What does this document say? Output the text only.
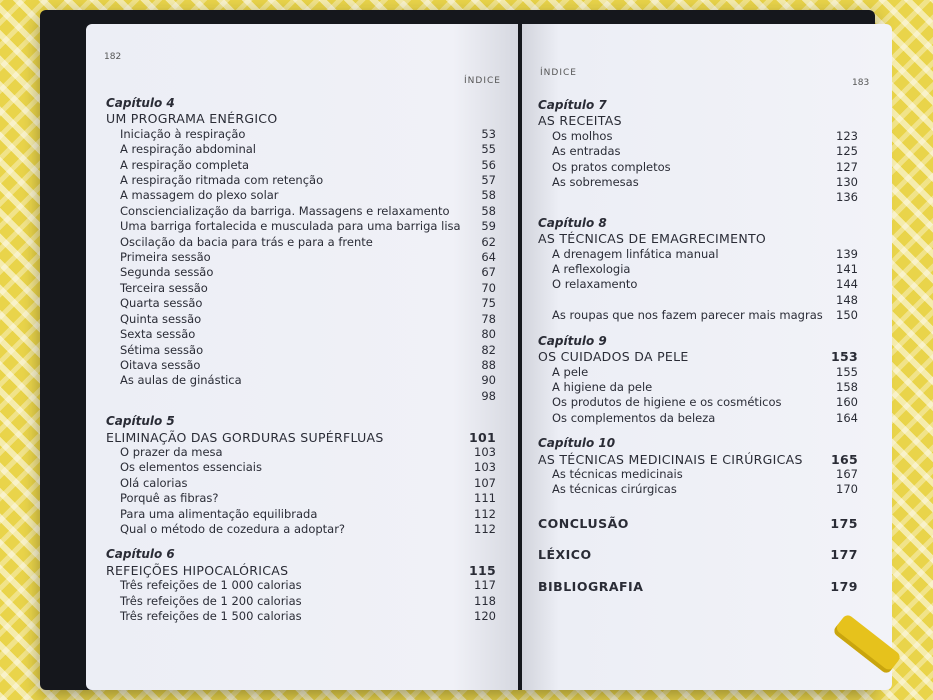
182
ÍNDICE
Capítulo 4
UM PROGRAMA ENÉRGICO
Iniciação à respiração	53
A respiração abdominal	55
A respiração completa	56
A respiração ritmada com retenção	57
A massagem do plexo solar	58
Consciencialização da barriga. Massagens e relaxamento	58
Uma barriga fortalecida e musculada para uma barriga lisa	59
Oscilação da bacia para trás e para a frente	62
Primeira sessão	64
Segunda sessão	67
Terceira sessão	70
Quarta sessão	75
Quinta sessão	78
Sexta sessão	80
Sétima sessão	82
Oitava sessão	88
As aulas de ginástica	90
98
Capítulo 5
ELIMINAÇÃO DAS GORDURAS SUPÉRFLUAS	101
O prazer da mesa	103
Os elementos essenciais	103
Olá calorias	107
Porquê as fibras?	111
Para uma alimentação equilibrada	112
Qual o método de cozedura a adoptar?	112
Capítulo 6
REFEIÇÕES HIPOCALÓRICAS	115
Três refeições de 1 000 calorias	117
Três refeições de 1 200 calorias	118
Três refeições de 1 500 calorias	120
ÍNDICE
183
Capítulo 7
AS RECEITAS
Os molhos	123
As entradas	125
Os pratos completos	127
As sobremesas	130
136
Capítulo 8
AS TÉCNICAS DE EMAGRECIMENTO
A drenagem linfática manual	139
A reflexologia	141
O relaxamento	144
148
As roupas que nos fazem parecer mais magras	150
Capítulo 9
OS CUIDADOS DA PELE	153
A pele	155
A higiene da pele	158
Os produtos de higiene e os cosméticos	160
Os complementos da beleza	164
Capítulo 10
AS TÉCNICAS MEDICINAIS E CIRÚRGICAS 165
As técnicas medicinais	167
As técnicas cirúrgicas	170
CONCLUSÃO	175
LÉXICO	177
BIBLIOGRAFIA	179
